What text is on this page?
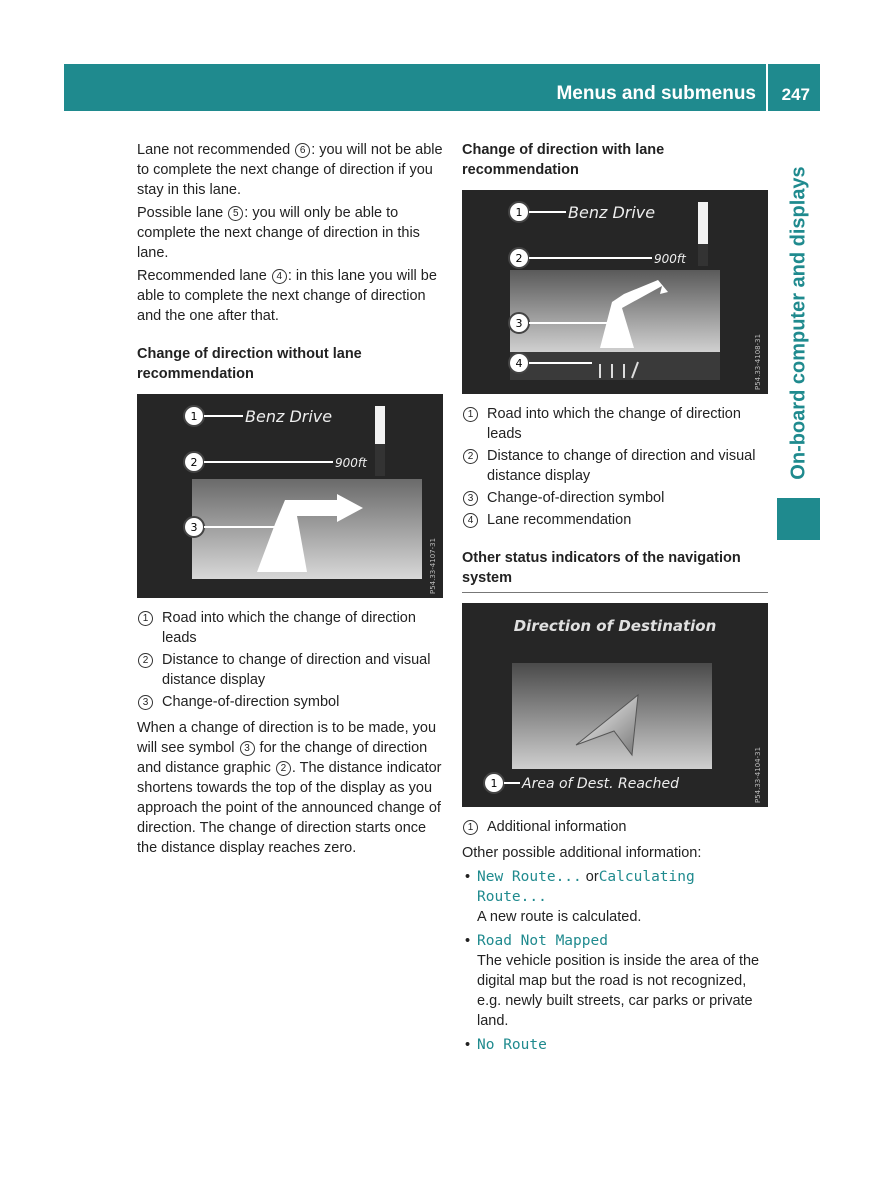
Menus and submenus 247
On-board computer and displays

Lane not recommended 6 : you will not be able to complete the next change of direction if you stay in this lane.

Possible lane 5 : you will only be able to complete the next change of direction in this lane.

Recommended lane 4 : in this lane you will be able to complete the next change of direction and the one after that.

Change of direction without lane recommendation
1	Benz Drive
2	900ft
3
P54.33-4107-31
1 Road into which the change of direction leads
2 Distance to change of direction and visual distance display
3 Change-of-direction symbol

When a change of direction is to be made, you will see symbol 3 for the change of direction and distance graphic 2 . The distance indicator shortens towards the top of the display as you approach the point of the announced change of direction. The change of direction starts once the distance display reaches zero.

Change of direction with lane recommendation
1	Benz Drive
2	900ft
3
4	P54.33-4108-31
1 Road into which the change of direction leads
2 Distance to change of direction and visual distance display
3 Change-of-direction symbol
4 Lane recommendation
Other status indicators of the navigation system
Direction of Destination
1 Area of Dest. Reached	P54.33-4104-31
1 Additional information

Other possible additional information:

• New Route... orCalculating Route...
A new route is calculated.
• Road Not Mapped
The vehicle position is inside the area of the digital map but the road is not recognized, e.g. newly built streets, car parks or private land.
• No Route
